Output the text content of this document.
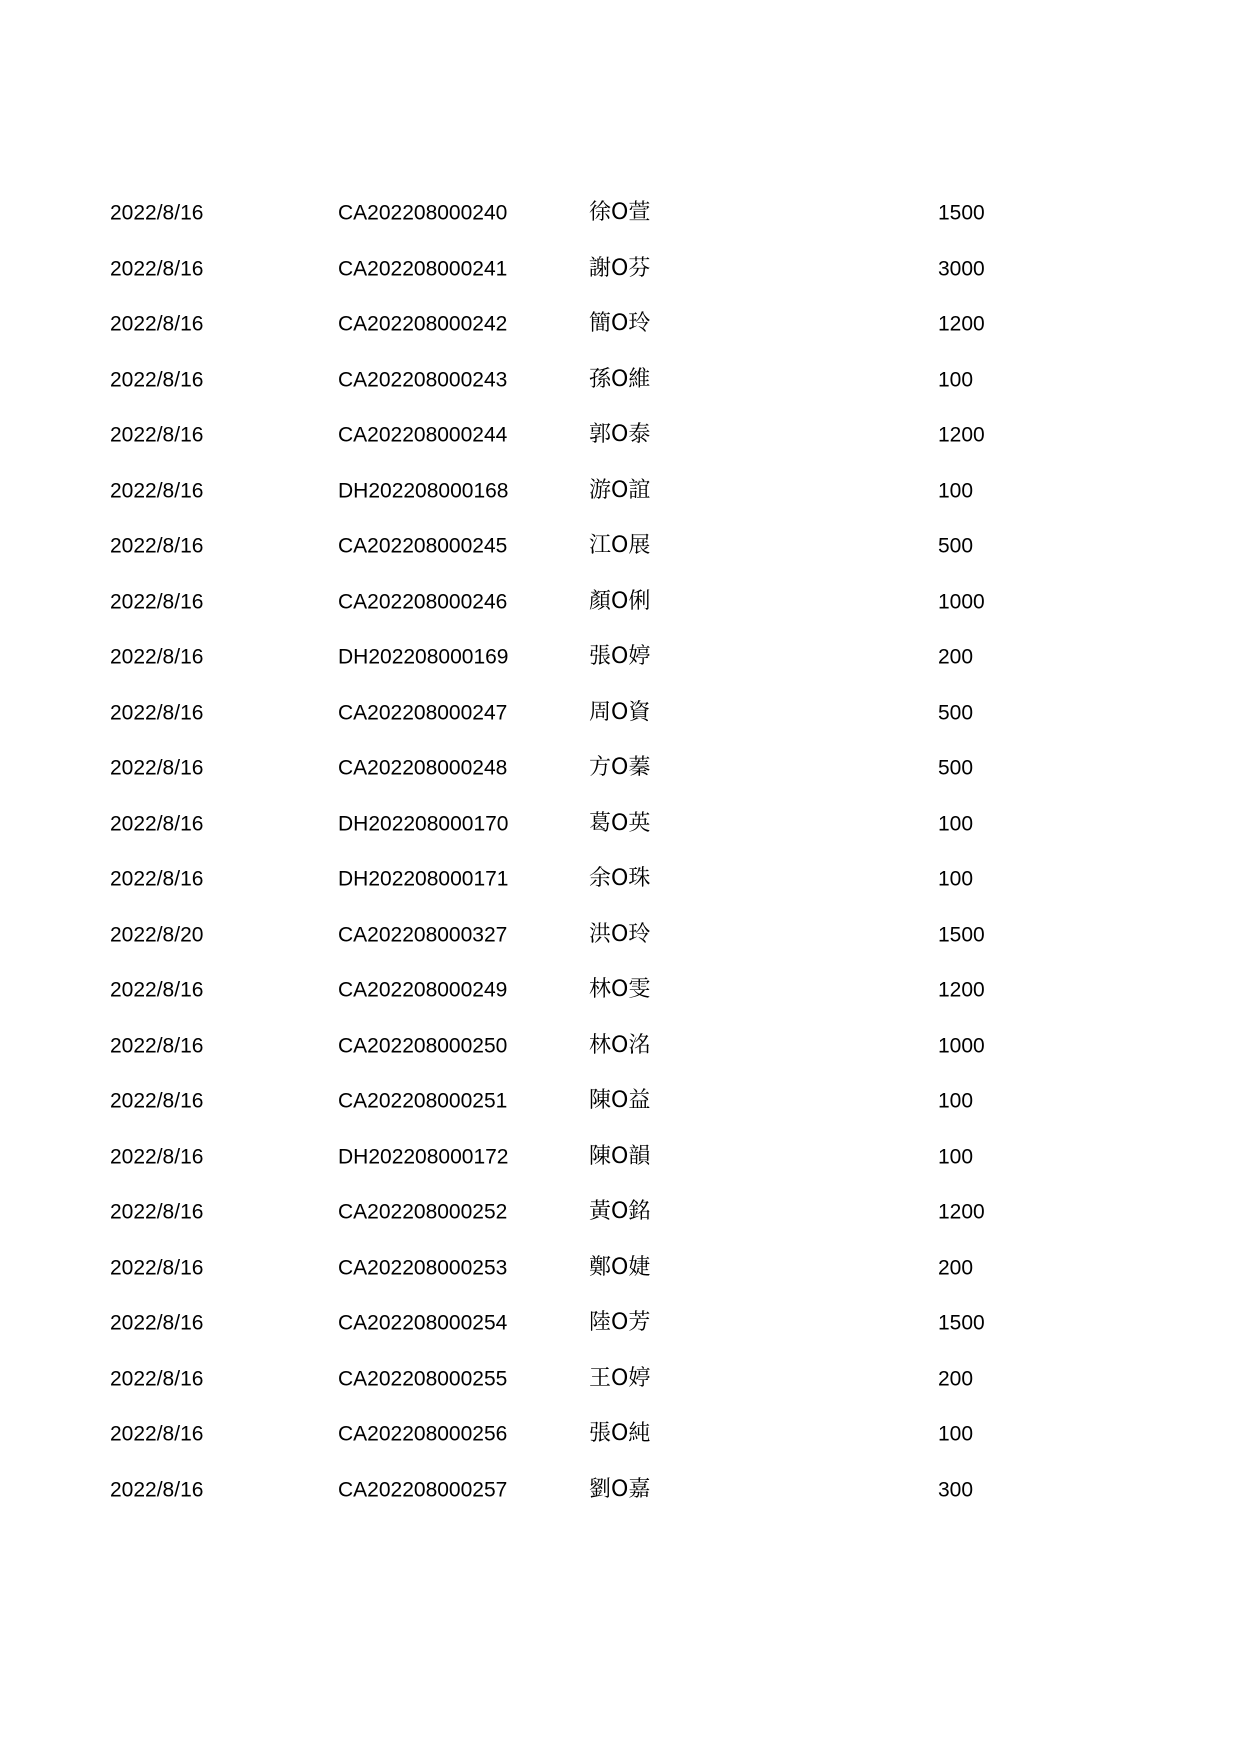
2022/8/16	CA202208000240	徐O萱	1500
2022/8/16	CA202208000241	謝O芬	3000
2022/8/16	CA202208000242	簡O玲	1200
2022/8/16	CA202208000243	孫O維	100
2022/8/16	CA202208000244	郭O泰	1200
2022/8/16	DH202208000168	游O誼	100
2022/8/16	CA202208000245	江O展	500
2022/8/16	CA202208000246	顏O俐	1000
2022/8/16	DH202208000169	張O婷	200
2022/8/16	CA202208000247	周O資	500
2022/8/16	CA202208000248	方O蓁	500
2022/8/16	DH202208000170	葛O英	100
2022/8/16	DH202208000171	余O珠	100
2022/8/20	CA202208000327	洪O玲	1500
2022/8/16	CA202208000249	林O雯	1200
2022/8/16	CA202208000250	林O洺	1000
2022/8/16	CA202208000251	陳O益	100
2022/8/16	DH202208000172	陳O韻	100
2022/8/16	CA202208000252	黃O銘	1200
2022/8/16	CA202208000253	鄭O婕	200
2022/8/16	CA202208000254	陸O芳	1500
2022/8/16	CA202208000255	王O婷	200
2022/8/16	CA202208000256	張O純	100
2022/8/16	CA202208000257	劉O嘉	300
